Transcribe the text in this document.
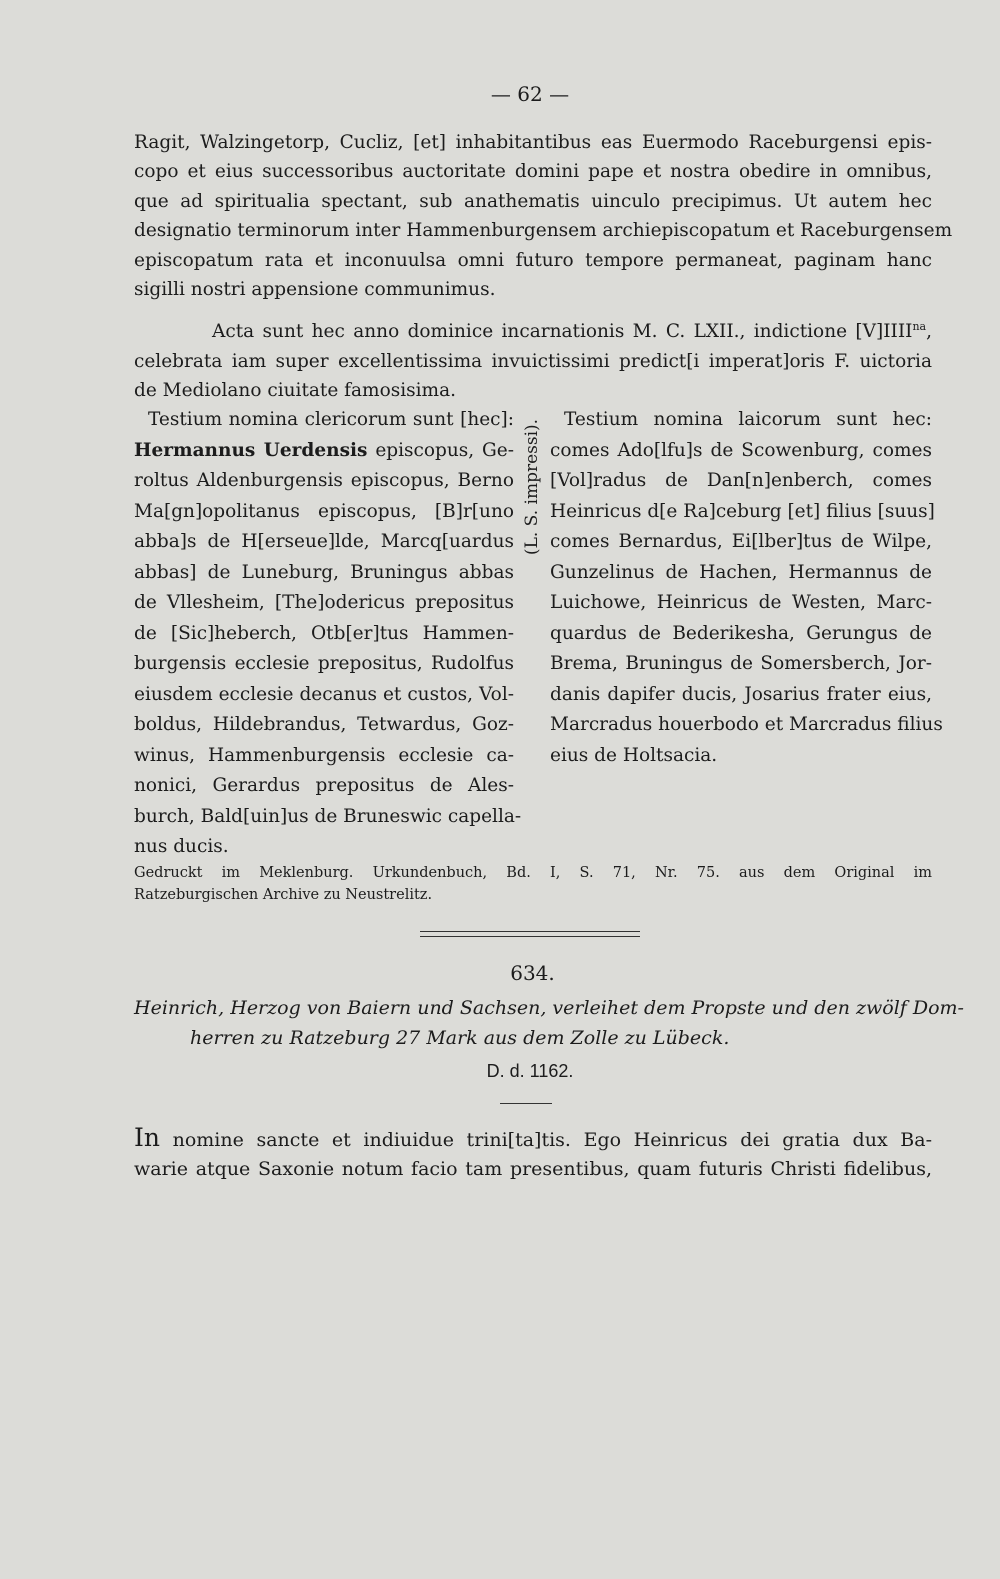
— 62 —
Ragit, Walzingetorp, Cucliz, [et] inhabitantibus eas Euermodo Raceburgensi epis-
copo et eius successoribus auctoritate domini pape et nostra obedire in omnibus,
que ad spiritualia spectant, sub anathematis uinculo precipimus. Ut autem hec
designatio terminorum inter Hammenburgensem archiepiscopatum et Raceburgensem
episcopatum rata et inconuulsa omni futuro tempore permaneat, paginam hanc
sigilli nostri appensione communimus.
Acta sunt hec anno dominice incarnationis M. C. LXII., indictione $[V]IIII^{na}$,
celebrata iam super excellentissima invuictissimi predict[i imperat]oris F. uictoria
de Mediolano ciuitate famosisima.
Testium nomina clericorum sunt [hec]:
Hermannus Uerdensis episcopus, Ge-
roltus Aldenburgensis episcopus, Berno
Ma[gn]opolitanus episcopus, [B]r[uno
abba]s de H[erseue]lde, Marcq[uardus
abbas] de Luneburg, Bruningus abbas
de Vllesheim, [The]odericus prepositus
de [Sic]heberch, Otb[er]tus Hammen-
burgensis ecclesie prepositus, Rudolfus
eiusdem ecclesie decanus et custos, Vol-
boldus, Hildebrandus, Tetwardus, Goz-
winus, Hammenburgensis ecclesie ca-
nonici, Gerardus prepositus de Ales-
burch, Bald[uin]us de Bruneswic capella-
nus ducis.
(L. S. impressi).	Testium nomina laicorum sunt hec:
comes Ado[lfu]s de Scowenburg, comes
[Vol]radus de Dan[n]enberch, comes
Heinricus d[e Ra]ceburg [et] filius [suus]
comes Bernardus, Ei[lber]tus de Wilpe,
Gunzelinus de Hachen, Hermannus de
Luichowe, Heinricus de Westen, Marc-
quardus de Bederikesha, Gerungus de
Brema, Bruningus de Somersberch, Jor-
danis dapifer ducis, Josarius frater eius,
Marcradus houerbodo et Marcradus filius
eius de Holtsacia.
Gedruckt im Meklenburg. Urkundenbuch, Bd. I, S. 71, Nr. 75. aus dem Original im
Ratzeburgischen Archive zu Neustrelitz.
634.
Heinrich, Herzog von Baiern und Sachsen, verleihet dem Propste und den zwölf Dom-
herren zu Ratzeburg 27 Mark aus dem Zolle zu Lübeck.
D. d. 1162.
In nomine sancte et indiuidue trini[ta]tis. Ego Heinricus dei gratia dux Ba-
warie atque Saxonie notum facio tam presentibus, quam futuris Christi fidelibus,
